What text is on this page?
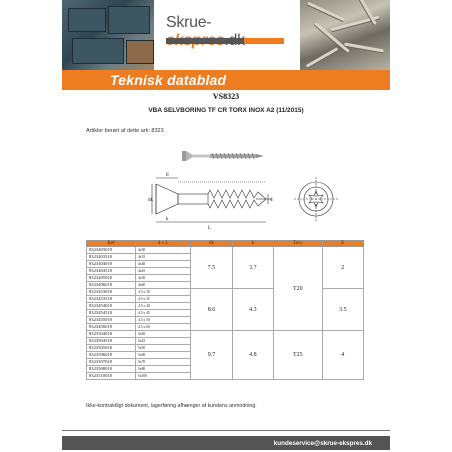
Skrue-
Teknisk datablad
VS8323
VBA SELVBORING TF CR TORX INOX A2 (11/2015)
Artikler berørt af dette ark: 8323
E
dk	d
k
L
Ref	d x L	dk	k	Torx	E
8323403018	4x30	7.5	3.7	T20	2
8323403518	4x35				
8323404018	4x40				
8323404518	4x45				
8323405018	4x50				
8323406018	4x60				
8323453018	4.5 x 30	8.6	4.3		3.5
8323453518	4.5 x 35				
8323454018	4.5 x 40				
8323454518	4.5 x 45				
8323455018	4.5 x 50				
8323456018	4.5 x 60				
8323504018	5x40	9.7	4.8	T25	4
8323504518	5x45				
8323505018	5x50				
8323506018	5x60				
8323507018	5x70				
8323508018	5x80				
8323510018	5x100				
Ikke-kontraktligt dokument, lagerføring afhænger af kundens anmodning.
kundeservice@skrue-ekspres.dk
